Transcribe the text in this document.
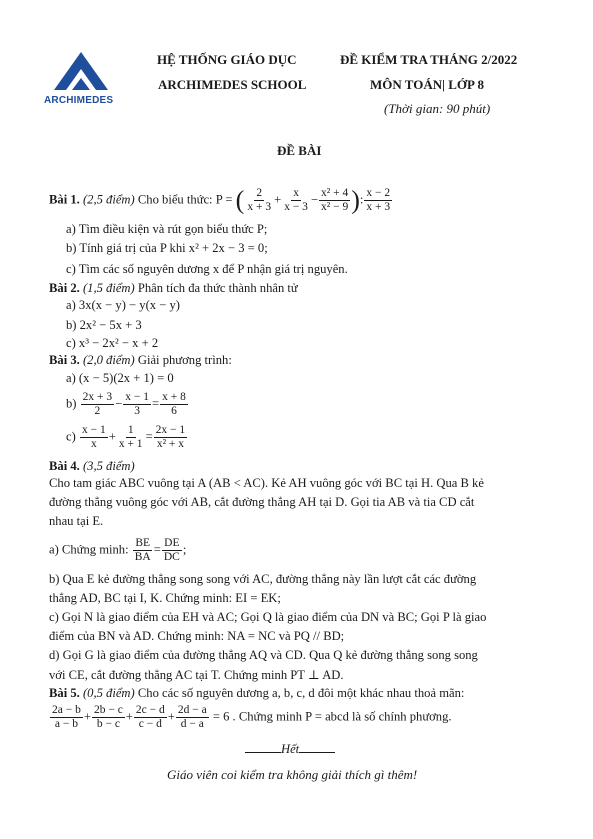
ARCHIMEDES
HỆ THỐNG GIÁO DỤC
ARCHIMEDES SCHOOL
ĐỀ KIỂM TRA THÁNG 2/2022
MÔN TOÁN| LỚP 8
(Thời gian: 90 phút)
ĐỀ BÀI
Bài 1. (2,5 điểm) Cho biểu thức: P = ( $\frac{2}{x + 3} + \frac{x}{x - 3} - \frac{\text{x² + 4}}{\text{x² − 9}}$ ): $\frac{x - 2}{x + 3}$
a) Tìm điều kiện và rút gọn biểu thức P;
b) Tính giá trị của P khi x² + 2x − 3 = 0;
c) Tìm các số nguyên dương x để P nhận giá trị nguyên.
Bài 2. (1,5 điểm) Phân tích đa thức thành nhân tử
a) 3x(x − y) − y(x − y)
b) 2x² − 5x + 3
c) x³ − 2x² − x + 2
Bài 3. (2,0 điểm) Giải phương trình:
a) (x − 5)(2x + 1) = 0
$b) \frac{2x + 3}{2} - \frac{x - 1}{3} = \frac{x + 8}{6}$
$c) \frac{x - 1}{x} + \frac{1}{x + 1} = \frac{2x - 1}{\text{x² + x}}$
Bài 4. (3,5 điểm)
Cho tam giác ABC vuông tại A (AB < AC). Kẻ AH vuông góc với BC tại H. Qua B kẻ
đường thẳng vuông góc với AB, cắt đường thẳng AH tại D. Gọi tia AB và tia CD cắt
nhau tại E.
a) Chứng minh: $\frac{BE}{BA} = \frac{DE}{DC}$ ;
b) Qua E kẻ đường thẳng song song với AC, đường thẳng này lần lượt cắt các đường
thẳng AD, BC tại I, K. Chứng minh: EI = EK;
c) Gọi N là giao điểm của EH và AC; Gọi Q là giao điểm của DN và BC; Gọi P là giao
điểm của BN và AD. Chứng minh: NA = NC và PQ // BD;
d) Gọi G là giao điểm của đường thẳng AQ và CD. Qua Q kẻ đường thẳng song song
với CE, cắt đường thẳng AC tại T. Chứng minh PT ⊥ AD.
Bài 5. (0,5 điểm) Cho các số nguyên dương a, b, c, d đôi một khác nhau thoả mãn:
$\frac{2a - b}{a - b} + \frac{2b - c}{b - c} + \frac{2c - d}{c - d} + \frac{2d - a}{d - a} = 6$ . Chứng minh P = abcd là số chính phương.
Hết
Giáo viên coi kiểm tra không giải thích gì thêm!
